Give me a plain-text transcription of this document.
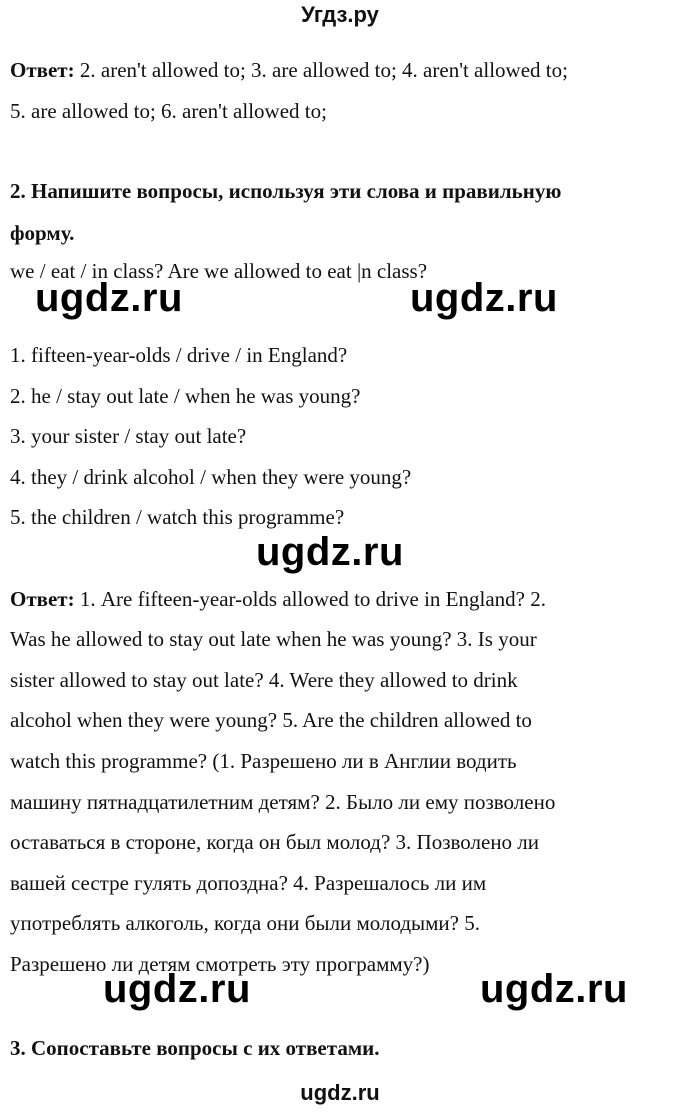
Угдз.ру
Ответ: 2. aren't allowed to; 3. are allowed to; 4. aren't allowed to;
5. are allowed to; 6. aren't allowed to;
2. Напишите вопросы, используя эти слова и правильную
форму.
we / eat / in class? Are we allowed to eat |n class?
ugdz.ru	ugdz.ru
1. fifteen-year-olds / drive / in England?
2. he / stay out late / when he was young?
3. your sister / stay out late?
4. they / drink alcohol / when they were young?
5. the children / watch this programme?
ugdz.ru
Ответ: 1. Are fifteen-year-olds allowed to drive in England? 2.
Was he allowed to stay out late when he was young? 3. Is your
sister allowed to stay out late? 4. Were they allowed to drink
alcohol when they were young? 5. Are the children allowed to
watch this programme? (1. Разрешено ли в Англии водить
машину пятнадцатилетним детям? 2. Было ли ему позволено
оставаться в стороне, когда он был молод? 3. Позволено ли
вашей сестре гулять допоздна? 4. Разрешалось ли им
употреблять алкоголь, когда они были молодыми? 5.
Разрешено ли детям смотреть эту программу?)
ugdz.ru	ugdz.ru
3. Сопоставьте вопросы с их ответами.
ugdz.ru
